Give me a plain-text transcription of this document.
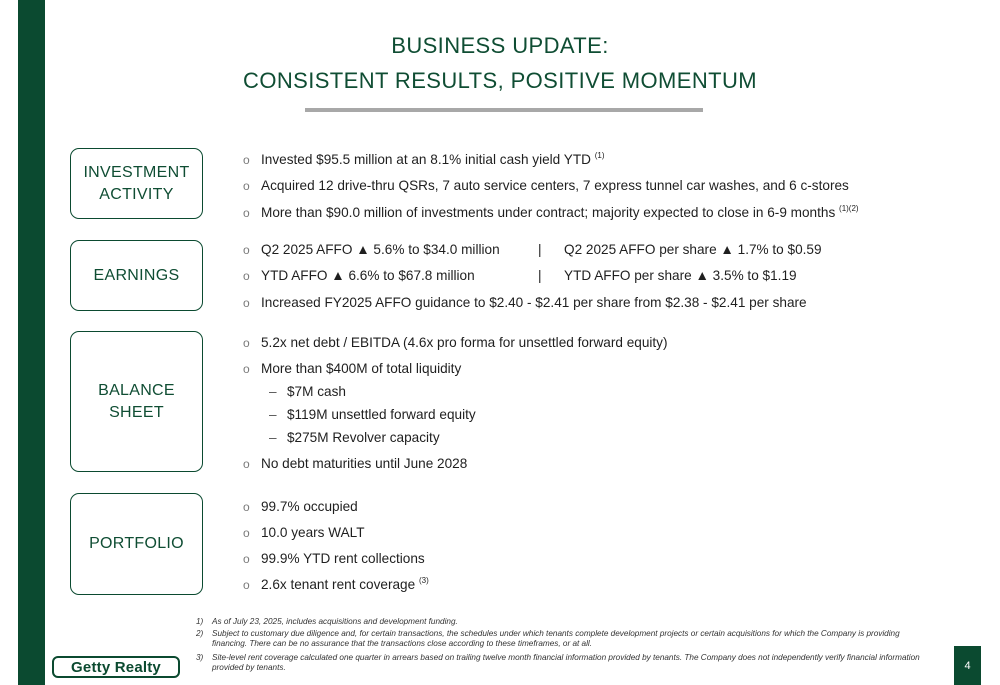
BUSINESS UPDATE:
CONSISTENT RESULTS, POSITIVE MOMENTUM
INVESTMENT
ACTIVITY
o Invested $95.5 million at an 8.1% initial cash yield YTD $^{(1)}$
o Acquired 12 drive-thru QSRs, 7 auto service centers, 7 express tunnel car washes, and 6 c-stores
o More than $90.0 million of investments under contract; majority expected to close in 6-9 months $^{(1)(2)}$
EARNINGS
o Q2 2025 AFFO ▲ 5.6% to $34.0 million	| Q2 2025 AFFO per share ▲ 1.7% to $0.59
o YTD AFFO ▲ 6.6% to $67.8 million	| YTD AFFO per share ▲ 3.5% to $1.19
o Increased FY2025 AFFO guidance to $2.40 - $2.41 per share from $2.38 - $2.41 per share
BALANCE
SHEET
o 5.2x net debt / EBITDA (4.6x pro forma for unsettled forward equity)
o More than $400M of total liquidity
– $7M cash
– $119M unsettled forward equity
– $275M Revolver capacity
o No debt maturities until June 2028
PORTFOLIO
o 99.7% occupied
o 10.0 years WALT
o 99.9% YTD rent collections
o 2.6x tenant rent coverage $^{(3)}$
1) As of July 23, 2025, includes acquisitions and development funding.
2) Subject to customary due diligence and, for certain transactions, the schedules under which tenants complete development projects or certain acquisitions for which the Company is providing financing. There can be no assurance that the transactions close according to these timeframes, or at all.
3) Site-level rent coverage calculated one quarter in arrears based on trailing twelve month financial information provided by tenants. The Company does not independently verify financial information provided by tenants.
Getty Realty	4
